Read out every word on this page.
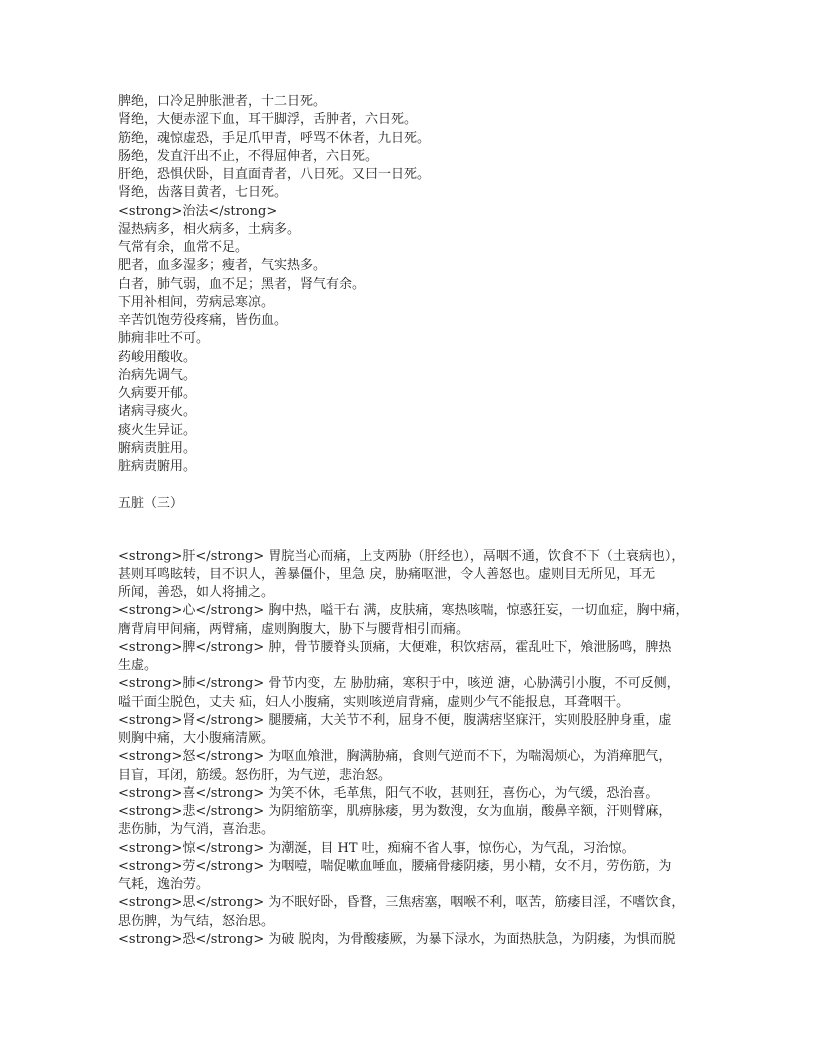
脾绝，口冷足肿胀泄者，十二日死。
肾绝，大便赤涩下血，耳干脚浮，舌肿者，六日死。
筋绝，魂惊虚恐，手足爪甲青，呼骂不休者，九日死。
肠绝，发直汗出不止，不得屈伸者，六日死。
肝绝，恐惧伏卧，目直面青者，八日死。又曰一日死。
肾绝，齿落目黄者，七日死。
<strong>治法</strong>
湿热病多，相火病多，土病多。
气常有余，血常不足。
肥者，血多湿多；瘦者，气实热多。
白者，肺气弱，血不足；黑者，肾气有余。
下用补相间，劳病忌寒凉。
辛苦饥饱劳役疼痛，皆伤血。
肺痈非吐不可。
药峻用酸收。
治病先调气。
久病要开郁。
诸病寻痰火。
痰火生异证。
腑病责脏用。
脏病责腑用。
五脏（三）
<strong>肝</strong> 胃脘当心而痛，上支两胁（肝经也），鬲咽不通，饮食不下（土衰病也），
甚则耳鸣眩转，目不识人，善暴僵仆，里急 戾，胁痛呕泄，令人善怒也。虚则目无所见，耳无
所闻，善恐，如人将捕之。
<strong>心</strong> 胸中热，嗌干右 满，皮肤痛，寒热咳喘，惊惑狂妄，一切血症，胸中痛，
膺背肩甲间痛，两臂痛，虚则胸腹大，胁下与腰背相引而痛。
<strong>脾</strong> 肿，骨节腰脊头顶痛，大便难，积饮痞鬲，霍乱吐下，飧泄肠鸣，脾热
生虚。
<strong>肺</strong> 骨节内变，左 胁肋痛，寒积于中，咳逆 溏，心胁满引小腹，不可反侧，
嗌干面尘脱色，丈夫 疝，妇人小腹痛，实则咳逆肩背痛，虚则少气不能报息，耳聋咽干。
<strong>肾</strong> 腿腰痛，大关节不利，屈身不便，腹满痞坚寐汗，实则股胫肿身重，虚
则胸中痛，大小腹痛清厥。
<strong>怒</strong> 为呕血飧泄，胸满胁痛，食则气逆而不下，为喘渴烦心，为消瘅肥气，
目盲，耳闭，筋缓。怒伤肝，为气逆，悲治怒。
<strong>喜</strong> 为笑不休，毛革焦，阳气不收，甚则狂，喜伤心，为气缓，恐治喜。
<strong>悲</strong> 为阴缩筋挛，肌痹脉痿，男为数溲，女为血崩，酸鼻辛额，汗则臂麻，
悲伤肺，为气消，喜治悲。
<strong>惊</strong> 为潮涎，目 HT 吐，痴痫不省人事，惊伤心，为气乱，习治惊。
<strong>劳</strong> 为咽噎，喘促嗽血唾血，腰痛骨痿阴痿，男小精，女不月，劳伤筋，为
气耗，逸治劳。
<strong>思</strong> 为不眠好卧，昏瞀，三焦痞塞，咽喉不利，呕苦，筋痿目淫，不嗜饮食，
思伤脾，为气结，怒治思。
<strong>恐</strong> 为破 脱肉，为骨酸痿厥，为暴下渌水，为面热肤急，为阴痿，为惧而脱
